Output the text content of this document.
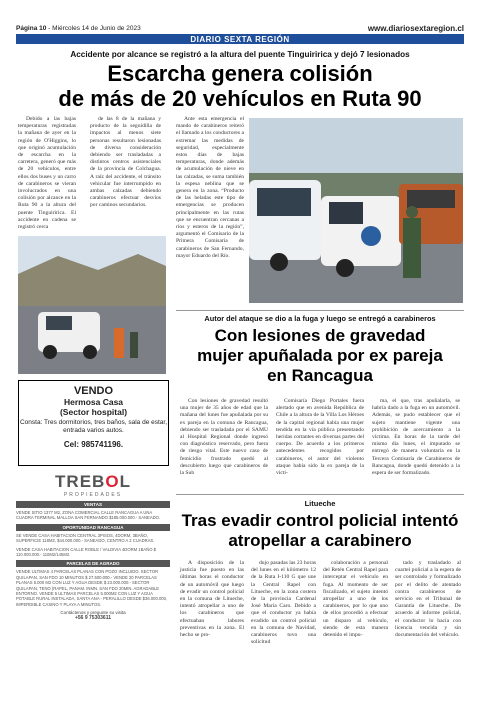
Página 10 - Miércoles 14 de Junio de 2023	www.diariosextaregion.cl
DIARIO SEXTA REGIÓN
Accidente por alcance se registró a la altura del puente Tinguiririca y dejó 7 lesionados
Escarcha genera colisión
de más de 20 vehículos en Ruta 90

Debido a las bajas temperaturas registradas la mañana de ayer en la región de O'Higgins, lo que originó acumulación de escarcha en la carretera, generó que más de 20 vehículos, entre ellos dos buses y un carro de carabineros se vieran involucrados en una colisión por alcance en la Ruta 90 a la altura del puente Tinguiririca. El accidente en cadena se registró cerca

de las 8 de la mañana y producto de la seguidilla de impactos al menos siete personas resultaron lesionadas de diversa consideración debiendo ser trasladadas a distintos centros asistenciales de la provincia de Colchagua. A raíz del accidente, el tránsito vehicular fue interrumpido en ambas calzadas debiendo carabineros efectuar desvíos por caminos secundarios.

Ante esta emergencia el mando de carabineros reiteró el llamado a los conductores a extremar las medidas de seguridad, especialmente estos días de bajas temperaturas, donde además de acumulación de nieve en las calzadas, se suma también la espesa neblina que se genera en la zona. “Producto de las heladas este tipo de emergencias se producen principalmente en las rutas que se encuentran cercanas a ríos y esteros de la región”, argumentó el Comisario de la Primera Comisaría de carabineros de San Fernando, mayor Eduardo del Río.

Autor del ataque se dio a la fuga y luego se entregó a carabineros
Con lesiones de gravedad
mujer apuñalada por ex pareja
en Rancagua

Con lesiones de gravedad resultó una mujer de 35 años de edad que la mañana del lunes fue apuñalada por su ex pareja en la comuna de Rancagua, debiendo ser trasladada por el SAMU al Hospital Regional donde ingresó con diagnóstico reservado, pero fuera de riesgo vital. Este nuevo caso de femicidio frustrado quedó al descubierto luego que carabineros de la Sub

Comisaría Diego Portales fuera alertado que en avenida República de Chile a la altura de la Villa Los Héroes de la capital regional había una mujer tendida en la vía pública presentando heridas cortantes en diversas partes del cuerpo. De acuerdo a los primeros antecedentes recogidos por carabineros, el autor del violento ataque había sido la ex pareja de la vícti-

ma, el que, tras apuñalarla, se habría dado a la fuga en un automóvil. Además, se pudo establecer que el sujeto mantiene vigente una prohibición de acercamiento a la víctima. En horas de la tarde del mismo día lunes, el imputado se entregó de manera voluntaria en la Tercera Comisaría de Carabineros de Rancagua, donde quedó detenido a la espera de ser formalizado.

Litueche
Tras evadir control policial intentó
atropellar a carabinero

A disposición de la justicia fue puesto en las últimas horas el conductor de un automóvil que luego de evadir un control policial en la comuna de Litueche, intentó atropellar a uno de los carabineros que efectuaban labores preventivas en la zona. El hecho se pro-

dujo pasadas las 23 horas del lunes en el kilómetro 12 de la Ruta I-110 G que une la Central Rapel con Litueche, en la zona costera de la provincia Cardenal José María Caro. Debido a que el conductor ya había evadido un control policial en la comuna de Navidad, carabineros tuvo una solicitud

colaboración a personal del Retén Central Rapel para interceptar el vehículo en fuga. Al momento de ser fiscalizado, el sujeto intentó atropellar a uno de los carabineros, por lo que uno de ellos procedió a efectuar un disparo al vehículo, siendo de esta manera detenido el impu-

tado y trasladado al cuartel policial a la espera de ser controlado y formalizado por el delito de atentado contra carabineros de servicio en el Tribunal de Garantía de Litueche. De acuerdo al informe policial, el conductor lo hacía con licencia vencida y sin documentación del vehículo.

VENDO
Hermosa Casa
(Sector hospital)
Consta: Tres dormitorios, tres baños, sala de estar, entrada varios autos.
Cel: 985741196.
TREBOL
PROPIEDADES
VENTAS
VENDE SITIO 1377 M2, ZONA COMERCIAL CALLE RANCAGUA A UNA CUADRA TERMINAL MALLOA SAN FERNANDO $185.000.000.- SANEADO.
OPORTUNIDAD RANCAGUA
SE VENDE CASA HABITACION CENTRAL 3PISOS, 4DORM, 3BAÑO, SUPERFICIE 118M2, $44.000.000.- SANEADO, CENTRO A 2 CUADRAS.
VENDE CASA HABITACION CALLE ROBLE / VALDIVIA 4DORM 1BAÑO $ 110.000.000.- 110M2/145M2.
PARCELAS DE AGRADO
VENDE ULTIMAS 4 PARCELAS PLANAS CON POZO INCLUIDO. SECTOR QUILAPAN, SAN FDO 10 MINUTOS $ 27.500.000.- VENDE 20 PARCELAS PLANAS 5.000 M2 CON LUZ Y AGUA DESDE $ 23.000.000.- SECTOR QUILAPAN, TENO (RAPEL, PANAM. INMN. SAN FDO 20MIN. AGRADABLE ENTORNO. VENDE 5 ULTIMAS PARCELAS 5.000M2 CON LUZ Y AGUA POTABLE RURAL INSTALADA, SANTA ANA - PERALILLO DESDE $36.000.000, IMPERDIBLE CASINO Y PLAYA A MINUTOS.
Contáctenos y pregunte su visita
+56 9 75303611
